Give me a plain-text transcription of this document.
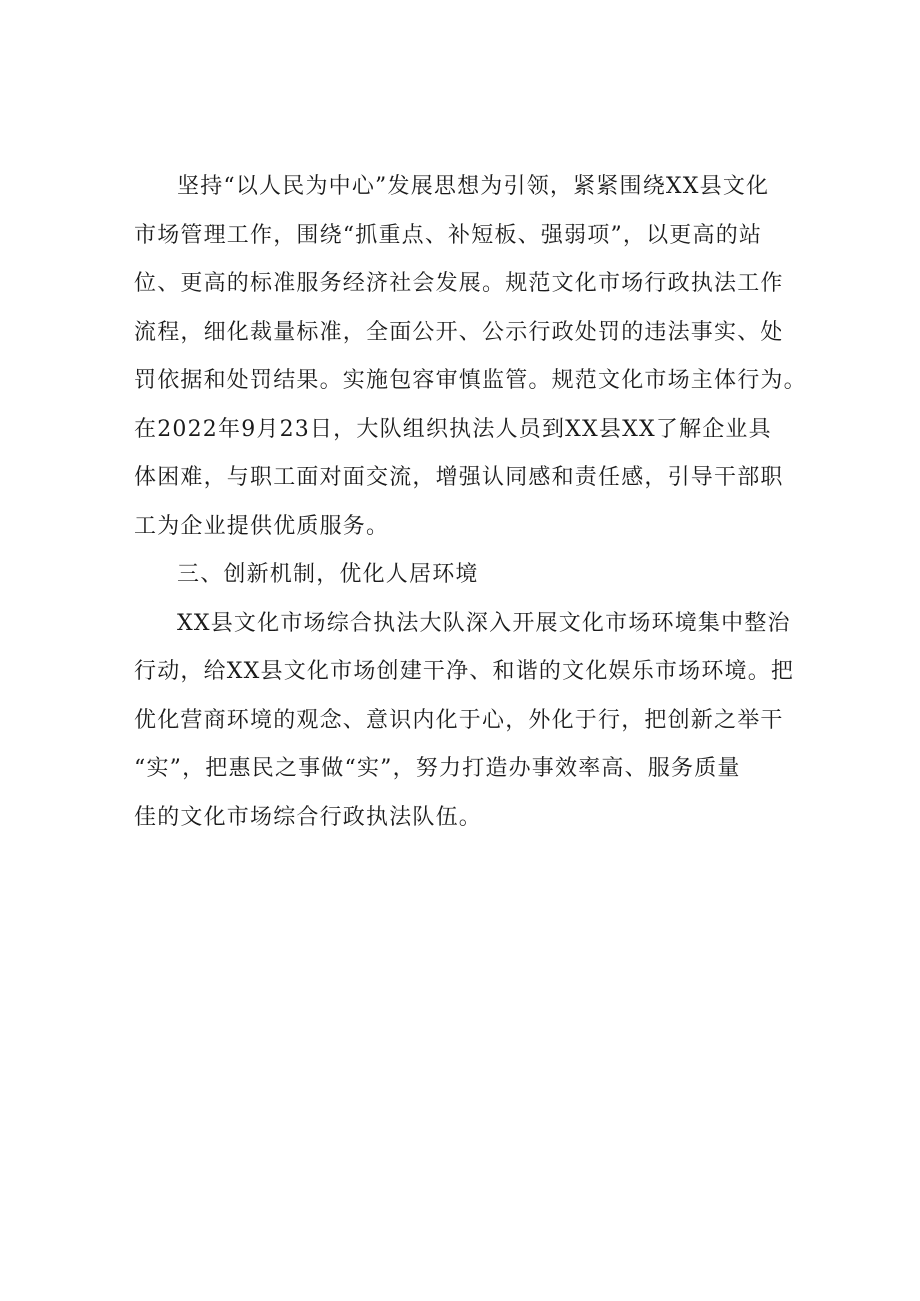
坚持“以人民为中心”发展思想为引领，紧紧围绕XX县文化
市场管理工作，围绕“抓重点、补短板、强弱项”，以更高的站
位、更高的标准服务经济社会发展。规范文化市场行政执法工作
流程，细化裁量标准，全面公开、公示行政处罚的违法事实、处
罚依据和处罚结果。实施包容审慎监管。规范文化市场主体行为。
在2022年9月23日，大队组织执法人员到XX县XX了解企业具
体困难，与职工面对面交流，增强认同感和责任感，引导干部职
工为企业提供优质服务。
三、创新机制，优化人居环境
XX县文化市场综合执法大队深入开展文化市场环境集中整治
行动，给XX县文化市场创建干净、和谐的文化娱乐市场环境。把
优化营商环境的观念、意识内化于心，外化于行，把创新之举干
“实”，把惠民之事做“实”，努力打造办事效率高、服务质量
佳的文化市场综合行政执法队伍。
